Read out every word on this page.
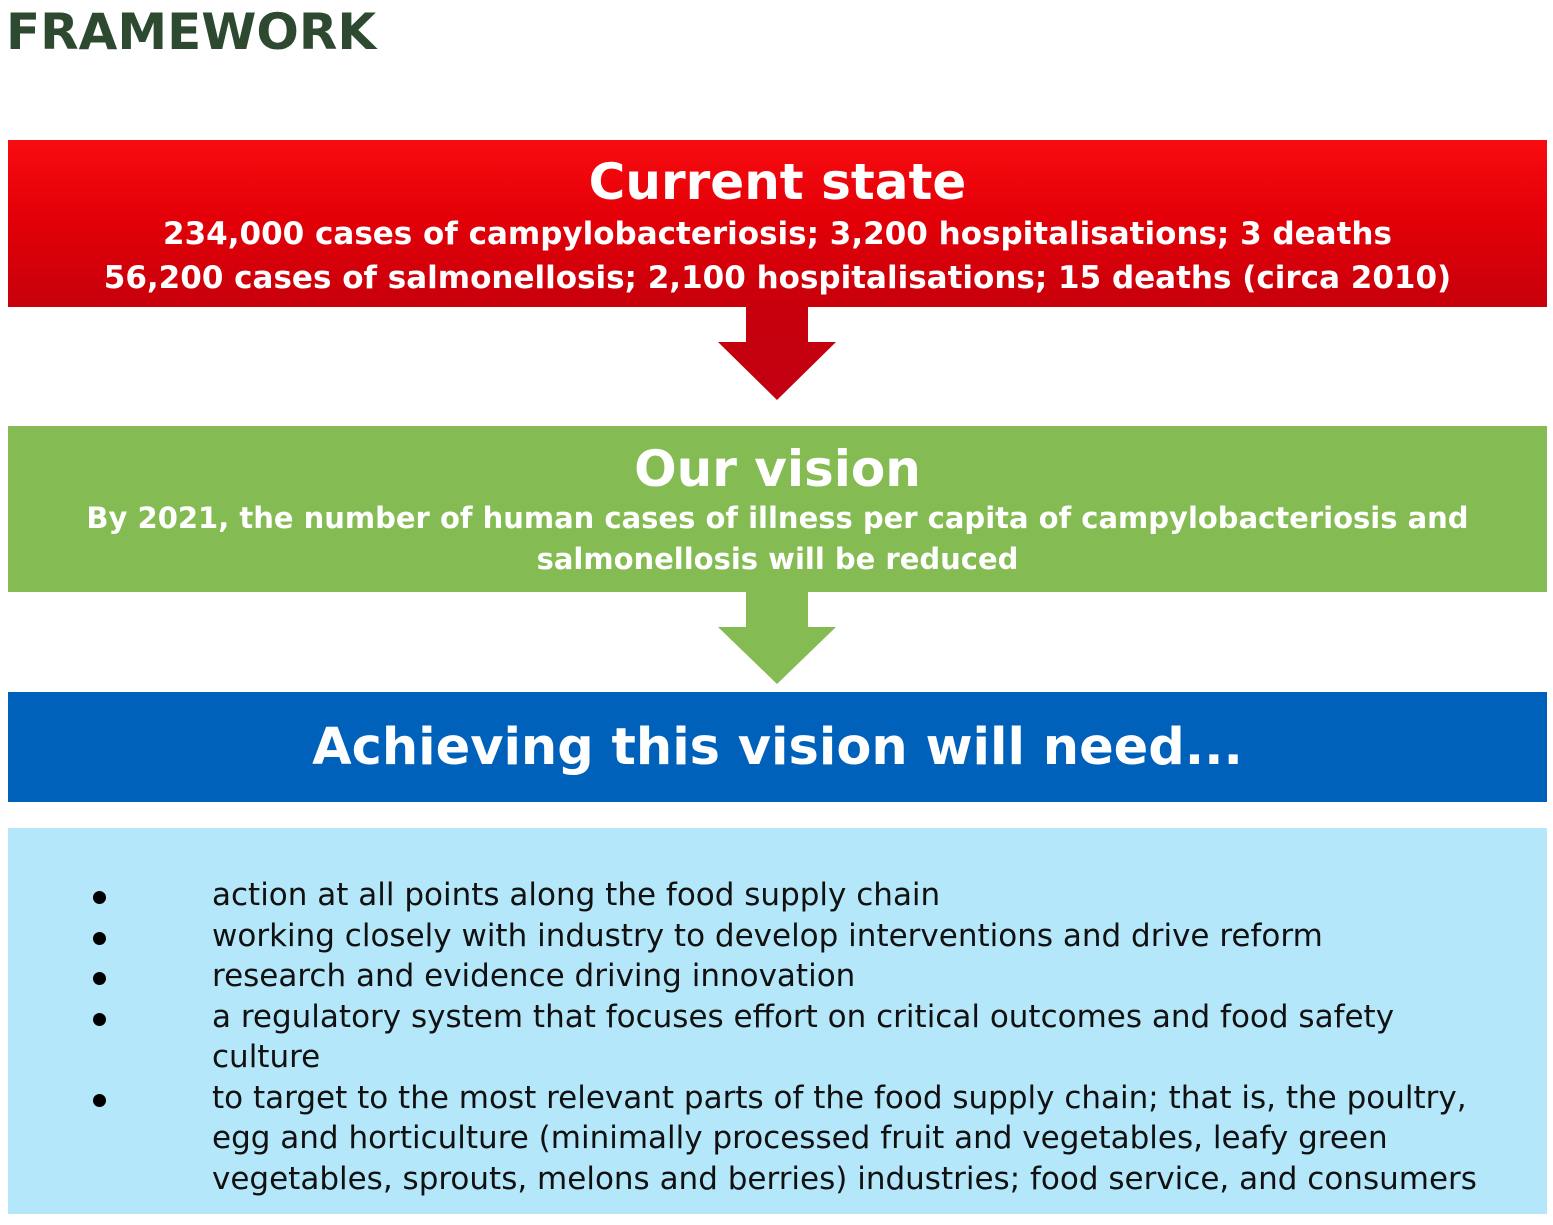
FRAMEWORK
Current state
234,000 cases of campylobacteriosis; 3,200 hospitalisations; 3 deaths
56,200 cases of salmonellosis; 2,100 hospitalisations; 15 deaths (circa 2010)
Our vision
By 2021, the number of human cases of illness per capita of campylobacteriosis and
salmonellosis will be reduced
Achieving this vision will need...
action at all points along the food supply chain
working closely with industry to develop interventions and drive reform
research and evidence driving innovation
a regulatory system that focuses effort on critical outcomes and food safety culture
to target to the most relevant parts of the food supply chain; that is, the poultry, egg and horticulture (minimally processed fruit and vegetables, leafy green vegetables, sprouts, melons and berries) industries; food service, and consumers
